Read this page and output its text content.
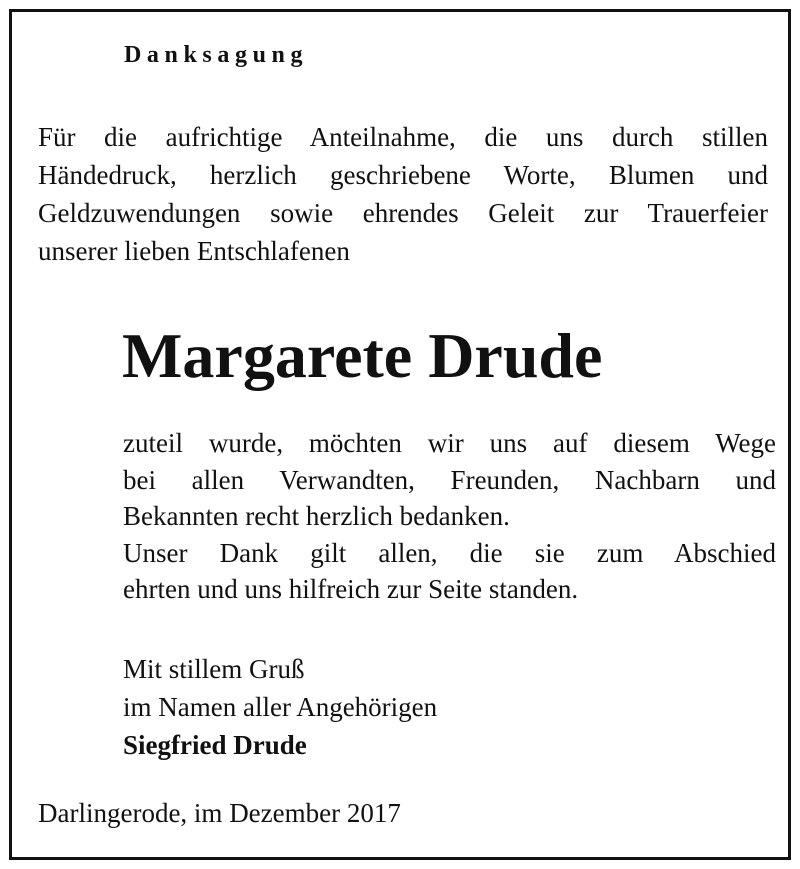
Danksagung

Für die aufrichtige Anteilnahme, die uns durch stillen
Händedruck, herzlich geschriebene Worte, Blumen und
Geldzuwendungen sowie ehrendes Geleit zur Trauerfeier
unserer lieben Entschlafenen

Margarete Drude

zuteil wurde, möchten wir uns auf diesem Wege
bei allen Verwandten, Freunden, Nachbarn und
Bekannten recht herzlich bedanken.
Unser Dank gilt allen, die sie zum Abschied
ehrten und uns hilfreich zur Seite standen.

Mit stillem Gruß
im Namen aller Angehörigen
Siegfried Drude

Darlingerode, im Dezember 2017
